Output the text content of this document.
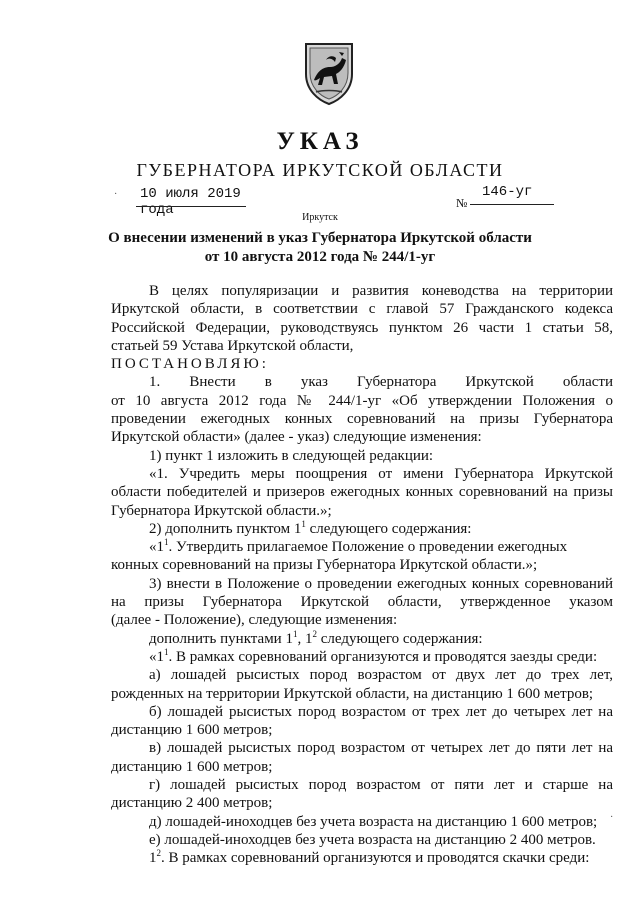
УКАЗ
ГУБЕРНАТОРА ИРКУТСКОЙ ОБЛАСТИ
10 июля 2019 года	№
146-уг
Иркутск
О внесении изменений в указ Губернатора Иркутской области
от 10 августа 2012 года № 244/1-уг
В целях популяризации и развития коневодства на территории
Иркутской области, в соответствии с главой 57 Гражданского кодекса
Российской Федерации, руководствуясь пунктом 26 части 1 статьи 58,
статьей 59 Устава Иркутской области,
ПОСТАНОВЛЯЮ:
1. Внести в указ Губернатора Иркутской области
от 10 августа 2012 года № 244/1-уг «Об утверждении Положения о
проведении ежегодных конных соревнований на призы Губернатора
Иркутской области» (далее - указ) следующие изменения:
1) пункт 1 изложить в следующей редакции:
«1. Учредить меры поощрения от имени Губернатора Иркутской
области победителей и призеров ежегодных конных соревнований на призы
Губернатора Иркутской области.»;
2) дополнить пунктом $1^1$ следующего содержания:
«$1^1$. Утвердить прилагаемое Положение о проведении ежегодных
конных соревнований на призы Губернатора Иркутской области.»;
3) внести в Положение о проведении ежегодных конных соревнований
на призы Губернатора Иркутской области, утвержденное указом
(далее - Положение), следующие изменения:
дополнить пунктами $1^1$, $1^2$ следующего содержания:
«$1^1$. В рамках соревнований организуются и проводятся заезды среди:
а) лошадей рысистых пород возрастом от двух лет до трех лет,
рожденных на территории Иркутской области, на дистанцию 1 600 метров;
б) лошадей рысистых пород возрастом от трех лет до четырех лет на
дистанцию 1 600 метров;
в) лошадей рысистых пород возрастом от четырех лет до пяти лет на
дистанцию 1 600 метров;
г) лошадей рысистых пород возрастом от пяти лет и старше на
дистанцию 2 400 метров;
д) лошадей-иноходцев без учета возраста на дистанцию 1 600 метров;
е) лошадей-иноходцев без учета возраста на дистанцию 2 400 метров.
$1^2$. В рамках соревнований организуются и проводятся скачки среди:
·
·
